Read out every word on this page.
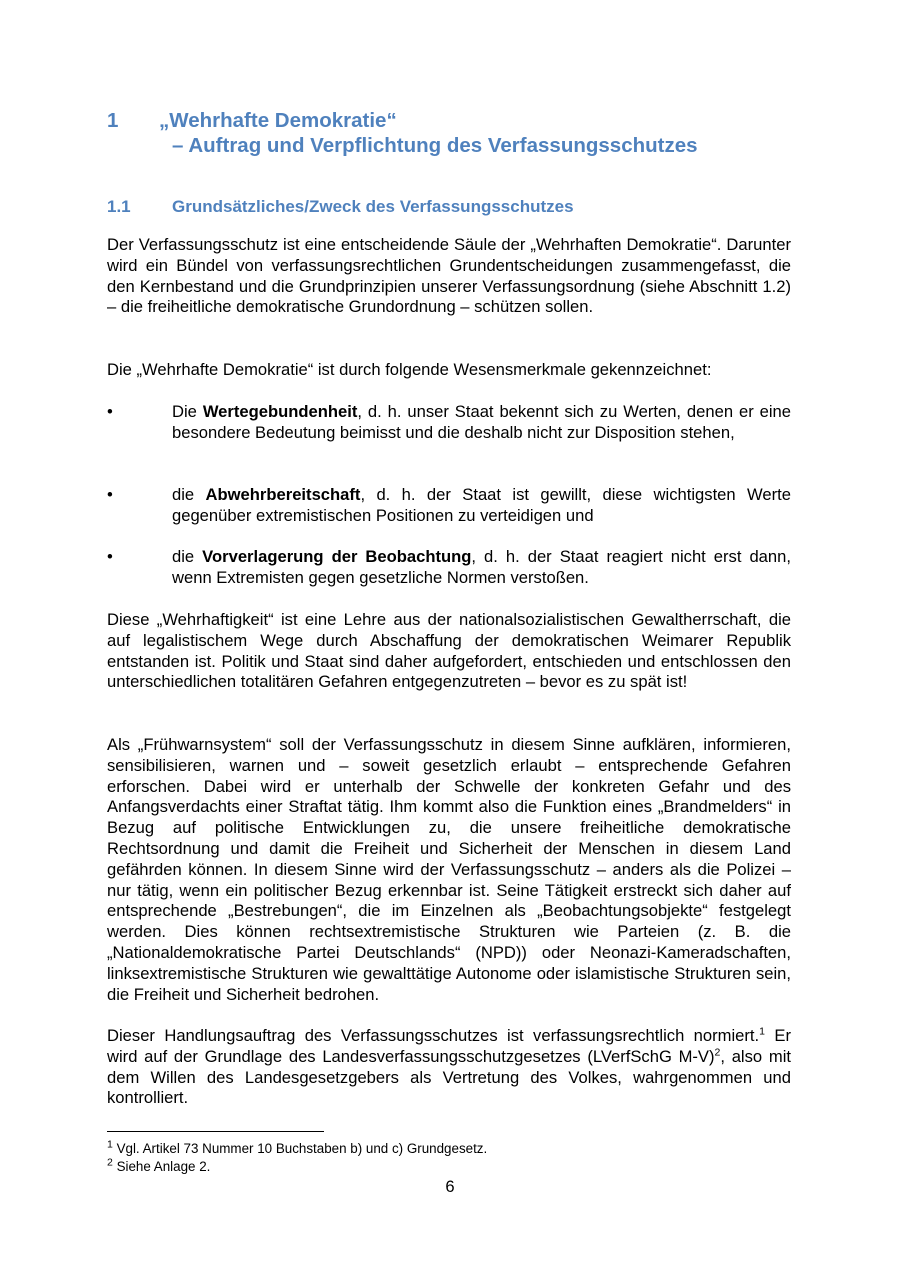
1 „Wehrhafte Demokratie“
– Auftrag und Verpflichtung des Verfassungsschutzes
1.1 Grundsätzliches/Zweck des Verfassungsschutzes

Der Verfassungsschutz ist eine entscheidende Säule der „Wehrhaften Demokratie“. Darunter wird ein Bündel von verfassungsrechtlichen Grundentscheidungen zusammengefasst, die den Kernbestand und die Grundprinzipien unserer Verfassungsordnung (siehe Abschnitt 1.2) – die freiheitliche demokratische Grundordnung – schützen sollen.

Die „Wehrhafte Demokratie“ ist durch folgende Wesensmerkmale gekennzeichnet:

•	Die Wertegebundenheit, d. h. unser Staat bekennt sich zu Werten, denen er eine besondere Bedeutung beimisst und die deshalb nicht zur Disposition stehen,

•	die Abwehrbereitschaft, d. h. der Staat ist gewillt, diese wichtigsten Werte gegenüber extremistischen Positionen zu verteidigen und

•	die Vorverlagerung der Beobachtung, d. h. der Staat reagiert nicht erst dann, wenn Extremisten gegen gesetzliche Normen verstoßen.

Diese „Wehrhaftigkeit“ ist eine Lehre aus der nationalsozialistischen Gewaltherrschaft, die auf legalistischem Wege durch Abschaffung der demokratischen Weimarer Republik entstanden ist. Politik und Staat sind daher aufgefordert, entschieden und entschlossen den unterschiedlichen totalitären Gefahren entgegenzutreten – bevor es zu spät ist!

Als „Frühwarnsystem“ soll der Verfassungsschutz in diesem Sinne aufklären, informieren, sensibilisieren, warnen und – soweit gesetzlich erlaubt – entsprechende Gefahren erforschen. Dabei wird er unterhalb der Schwelle der konkreten Gefahr und des Anfangsverdachts einer Straftat tätig. Ihm kommt also die Funktion eines „Brandmelders“ in Bezug auf politische Entwicklungen zu, die unsere freiheitliche demokratische Rechtsordnung und damit die Freiheit und Sicherheit der Menschen in diesem Land gefährden können. In diesem Sinne wird der Verfassungsschutz – anders als die Polizei – nur tätig, wenn ein politischer Bezug erkennbar ist. Seine Tätigkeit erstreckt sich daher auf entsprechende „Bestrebungen“, die im Einzelnen als „Beobachtungsobjekte“ festgelegt werden. Dies können rechtsextremistische Strukturen wie Parteien (z. B. die „Nationaldemokratische Partei Deutschlands“ (NPD)) oder Neonazi-Kameradschaften, linksextremistische Strukturen wie gewalttätige Autonome oder islamistische Strukturen sein, die Freiheit und Sicherheit bedrohen.

Dieser Handlungsauftrag des Verfassungsschutzes ist verfassungsrechtlich normiert.$^1$ Er wird auf der Grundlage des Landesverfassungsschutzgesetzes (LVerfSchG M-V)$^2$, also mit dem Willen des Landesgesetzgebers als Vertretung des Volkes, wahrgenommen und kontrolliert.

$^1$ Vgl. Artikel 73 Nummer 10 Buchstaben b) und c) Grundgesetz.
$^2$ Siehe Anlage 2.
6
